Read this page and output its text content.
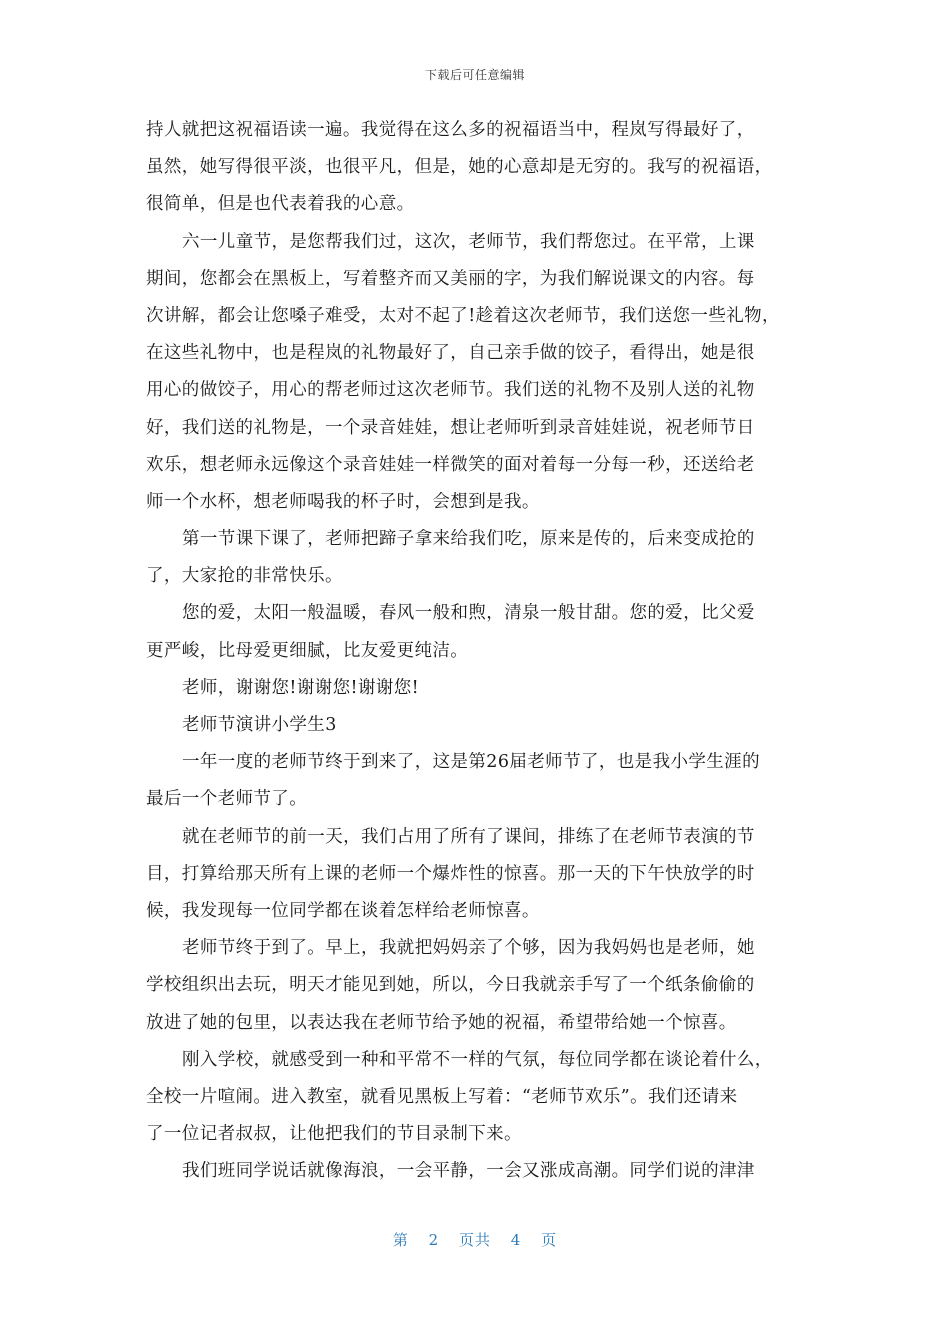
下载后可任意编辑
持人就把这祝福语读一遍。我觉得在这么多的祝福语当中，程岚写得最好了，
虽然，她写得很平淡，也很平凡，但是，她的心意却是无穷的。我写的祝福语，
很简单，但是也代表着我的心意。
六一儿童节，是您帮我们过，这次，老师节，我们帮您过。在平常，上课
期间，您都会在黑板上，写着整齐而又美丽的字，为我们解说课文的内容。每
次讲解，都会让您嗓子难受，太对不起了!趁着这次老师节，我们送您一些礼物，
在这些礼物中，也是程岚的礼物最好了，自己亲手做的饺子，看得出，她是很
用心的做饺子，用心的帮老师过这次老师节。我们送的礼物不及别人送的礼物
好，我们送的礼物是，一个录音娃娃，想让老师听到录音娃娃说，祝老师节日
欢乐，想老师永远像这个录音娃娃一样微笑的面对着每一分每一秒，还送给老
师一个水杯，想老师喝我的杯子时，会想到是我。
第一节课下课了，老师把蹄子拿来给我们吃，原来是传的，后来变成抢的
了，大家抢的非常快乐。
您的爱，太阳一般温暖，春风一般和煦，清泉一般甘甜。您的爱，比父爱
更严峻，比母爱更细腻，比友爱更纯洁。
老师，谢谢您!谢谢您!谢谢您!
老师节演讲小学生3
一年一度的老师节终于到来了，这是第26届老师节了，也是我小学生涯的
最后一个老师节了。
就在老师节的前一天，我们占用了所有了课间，排练了在老师节表演的节
目，打算给那天所有上课的老师一个爆炸性的惊喜。那一天的下午快放学的时
候，我发现每一位同学都在谈着怎样给老师惊喜。
老师节终于到了。早上，我就把妈妈亲了个够，因为我妈妈也是老师，她
学校组织出去玩，明天才能见到她，所以，今日我就亲手写了一个纸条偷偷的
放进了她的包里，以表达我在老师节给予她的祝福，希望带给她一个惊喜。
刚入学校，就感受到一种和平常不一样的气氛，每位同学都在谈论着什么，
全校一片喧闹。进入教室，就看见黑板上写着：“老师节欢乐”。我们还请来
了一位记者叔叔，让他把我们的节目录制下来。
我们班同学说话就像海浪，一会平静，一会又涨成高潮。同学们说的津津
第 2 页共 4 页
